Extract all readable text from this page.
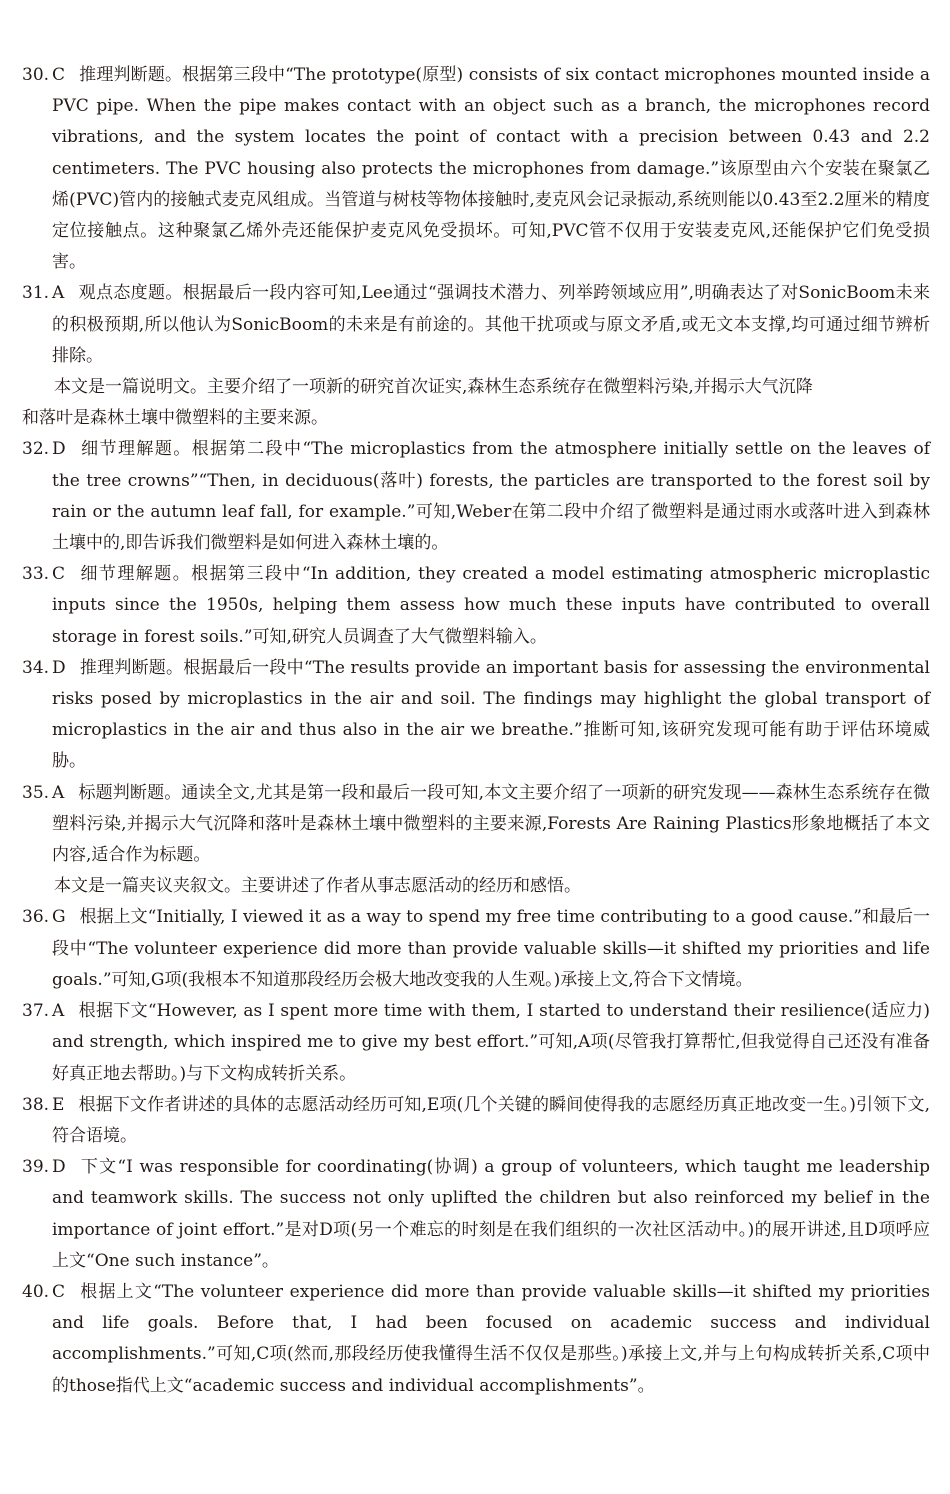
30. C 推理判断题。根据第三段中“The prototype(原型) consists of six contact microphones mounted inside a PVC pipe. When the pipe makes contact with an object such as a branch, the microphones record vibrations, and the system locates the point of contact with a precision between 0.43 and 2.2 centimeters. The PVC housing also protects the microphones from damage.”该原型由六个安装在聚氯乙烯(PVC)管内的接触式麦克风组成。当管道与树枝等物体接触时,麦克风会记录振动,系统则能以0.43至2.2厘米的精度定位接触点。这种聚氯乙烯外壳还能保护麦克风免受损坏。可知,PVC管不仅用于安装麦克风,还能保护它们免受损害。

31. A 观点态度题。根据最后一段内容可知,Lee通过“强调技术潜力、列举跨领域应用”,明确表达了对SonicBoom未来的积极预期,所以他认为SonicBoom的未来是有前途的。其他干扰项或与原文矛盾,或无文本支撑,均可通过细节辨析排除。

本文是一篇说明文。主要介绍了一项新的研究首次证实,森林生态系统存在微塑料污染,并揭示大气沉降
和落叶是森林土壤中微塑料的主要来源。

32. D 细节理解题。根据第二段中“The microplastics from the atmosphere initially settle on the leaves of the tree crowns”“Then, in deciduous(落叶) forests, the particles are transported to the forest soil by rain or the autumn leaf fall, for example.”可知,Weber在第二段中介绍了微塑料是通过雨水或落叶进入到森林土壤中的,即告诉我们微塑料是如何进入森林土壤的。

33. C 细节理解题。根据第三段中“In addition, they created a model estimating atmospheric microplastic inputs since the 1950s, helping them assess how much these inputs have contributed to overall storage in forest soils.”可知,研究人员调查了大气微塑料输入。

34. D 推理判断题。根据最后一段中“The results provide an important basis for assessing the environmental risks posed by microplastics in the air and soil. The findings may highlight the global transport of microplastics in the air and thus also in the air we breathe.”推断可知,该研究发现可能有助于评估环境威胁。

35. A 标题判断题。通读全文,尤其是第一段和最后一段可知,本文主要介绍了一项新的研究发现——森林生态系统存在微塑料污染,并揭示大气沉降和落叶是森林土壤中微塑料的主要来源,Forests Are Raining Plastics形象地概括了本文内容,适合作为标题。

本文是一篇夹议夹叙文。主要讲述了作者从事志愿活动的经历和感悟。

36. G 根据上文“Initially, I viewed it as a way to spend my free time contributing to a good cause.”和最后一段中“The volunteer experience did more than provide valuable skills—it shifted my priorities and life goals.”可知,G项(我根本不知道那段经历会极大地改变我的人生观。)承接上文,符合下文情境。

37. A 根据下文“However, as I spent more time with them, I started to understand their resilience(适应力) and strength, which inspired me to give my best effort.”可知,A项(尽管我打算帮忙,但我觉得自己还没有准备好真正地去帮助。)与下文构成转折关系。

38. E 根据下文作者讲述的具体的志愿活动经历可知,E项(几个关键的瞬间使得我的志愿经历真正地改变一生。)引领下文,符合语境。

39. D 下文“I was responsible for coordinating(协调) a group of volunteers, which taught me leadership and teamwork skills. The success not only uplifted the children but also reinforced my belief in the importance of joint effort.”是对D项(另一个难忘的时刻是在我们组织的一次社区活动中。)的展开讲述,且D项呼应上文“One such instance”。

40. C 根据上文“The volunteer experience did more than provide valuable skills—it shifted my priorities and life goals. Before that, I had been focused on academic success and individual accomplishments.”可知,C项(然而,那段经历使我懂得生活不仅仅是那些。)承接上文,并与上句构成转折关系,C项中的those指代上文“academic success and individual accomplishments”。
